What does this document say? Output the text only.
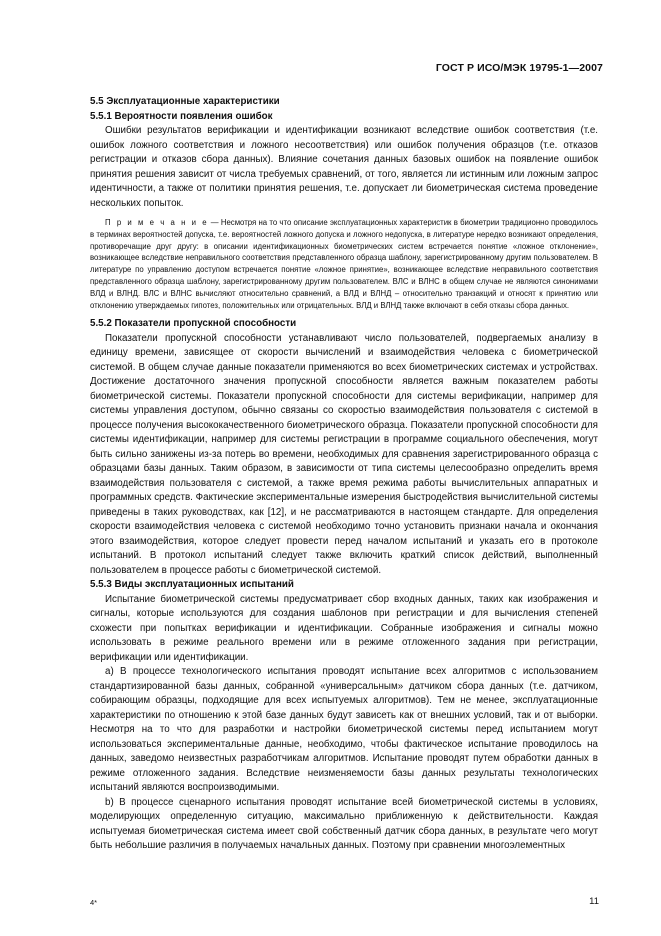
ГОСТ Р ИСО/МЭК 19795-1—2007
5.5 Эксплуатационные характеристики
5.5.1 Вероятности появления ошибок

Ошибки результатов верификации и идентификации возникают вследствие ошибок соответствия (т.е. ошибок ложного соответствия и ложного несоответствия) или ошибок получения образцов (т.е. отказов регистрации и отказов сбора данных). Влияние сочетания данных базовых ошибок на появление ошибок принятия решения зависит от числа требуемых сравнений, от того, является ли истинным или ложным запрос идентичности, а также от политики принятия решения, т.е. допускает ли биометрическая система проведение нескольких попыток.

П р и м е ч а н и е — Несмотря на то что описание эксплуатационных характеристик в биометрии традиционно проводилось в терминах вероятностей допуска, т.е. вероятностей ложного допуска и ложного недопуска, в литературе нередко возникают определения, противоречащие друг другу: в описании идентификационных биометрических систем встречается понятие «ложное отклонение», возникающее вследствие неправильного соответствия представленного образца шаблону, зарегистрированному другим пользователем. В литературе по управлению доступом встречается понятие «ложное принятие», возникающее вследствие неправильного соответствия представленного образца шаблону, зарегистрированному другим пользователем. ВЛС и ВЛНС в общем случае не являются синонимами ВЛД и ВЛНД. ВЛС и ВЛНС вычисляют относительно сравнений, а ВЛД и ВЛНД – относительно транзакций и относят к принятию или отклонению утверждаемых гипотез, положительных или отрицательных. ВЛД и ВЛНД также включают в себя отказы сбора данных.
5.5.2 Показатели пропускной способности

Показатели пропускной способности устанавливают число пользователей, подвергаемых анализу в единицу времени, зависящее от скорости вычислений и взаимодействия человека с биометрической системой. В общем случае данные показатели применяются во всех биометрических системах и устройствах. Достижение достаточного значения пропускной способности является важным показателем работы биометрической системы. Показатели пропускной способности для системы верификации, например для системы управления доступом, обычно связаны со скоростью взаимодействия пользователя с системой в процессе получения высококачественного биометрического образца. Показатели пропускной способности для системы идентификации, например для системы регистрации в программе социального обеспечения, могут быть сильно занижены из-за потерь во времени, необходимых для сравнения зарегистрированного образца с образцами базы данных. Таким образом, в зависимости от типа системы целесообразно определить время взаимодействия пользователя с системой, а также время режима работы вычислительных аппаратных и программных средств. Фактические экспериментальные измерения быстродействия вычислительной системы приведены в таких руководствах, как [12], и не рассматриваются в настоящем стандарте. Для определения скорости взаимодействия человека с системой необходимо точно установить признаки начала и окончания этого взаимодействия, которое следует провести перед началом испытаний и указать его в протоколе испытаний. В протокол испытаний следует также включить краткий список действий, выполненный пользователем в процессе работы с биометрической системой.

5.5.3 Виды эксплуатационных испытаний

Испытание биометрической системы предусматривает сбор входных данных, таких как изображения и сигналы, которые используются для создания шаблонов при регистрации и для вычисления степеней схожести при попытках верификации и идентификации. Собранные изображения и сигналы можно использовать в режиме реального времени или в режиме отложенного задания при регистрации, верификации или идентификации.

а) В процессе технологического испытания проводят испытание всех алгоритмов с использованием стандартизированной базы данных, собранной «универсальным» датчиком сбора данных (т.е. датчиком, собирающим образцы, подходящие для всех испытуемых алгоритмов). Тем не менее, эксплуатационные характеристики по отношению к этой базе данных будут зависеть как от внешних условий, так и от выборки. Несмотря на то что для разработки и настройки биометрической системы перед испытанием могут использоваться экспериментальные данные, необходимо, чтобы фактическое испытание проводилось на данных, заведомо неизвестных разработчикам алгоритмов. Испытание проводят путем обработки данных в режиме отложенного задания. Вследствие неизменяемости базы данных результаты технологических испытаний являются воспроизводимыми.

b) В процессе сценарного испытания проводят испытание всей биометрической системы в условиях, моделирующих определенную ситуацию, максимально приближенную к действительности. Каждая испытуемая биометрическая система имеет свой собственный датчик сбора данных, в результате чего могут быть небольшие различия в получаемых начальных данных. Поэтому при сравнении многоэлементных

4*	11
